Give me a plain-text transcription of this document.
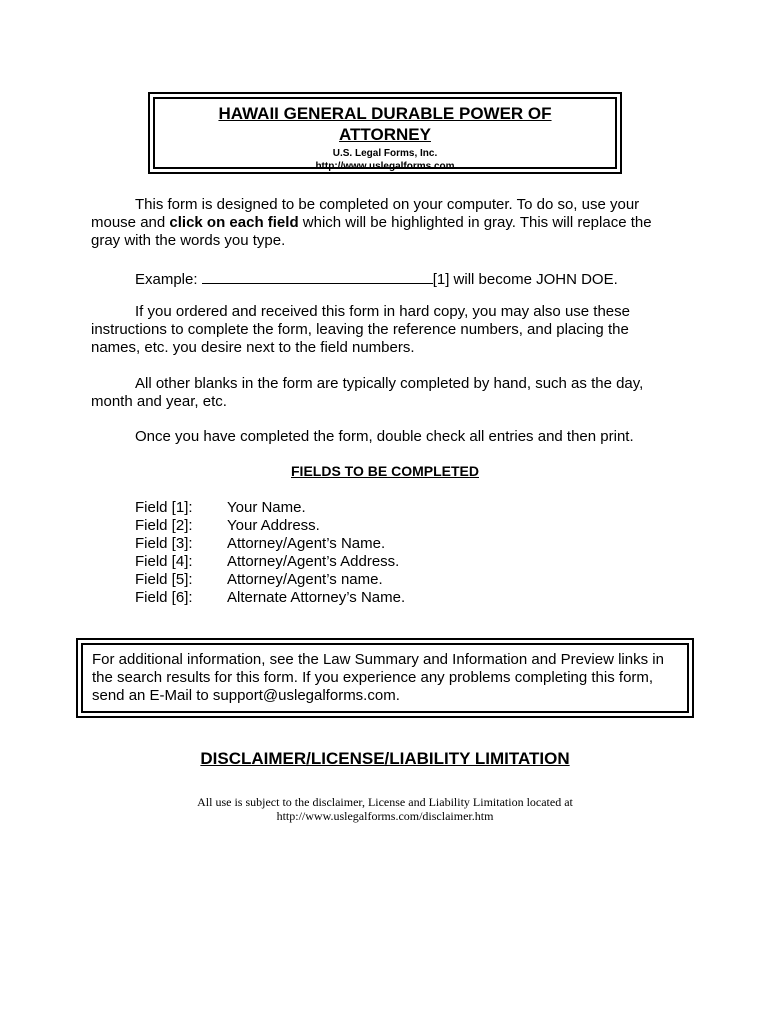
HAWAII GENERAL DURABLE POWER OF
ATTORNEY
U.S. Legal Forms, Inc.
http://www.uslegalforms.com

This form is designed to be completed on your computer. To do so, use your mouse and click on each field which will be highlighted in gray. This will replace the gray with the words you type.

Example:	[1] will become JOHN DOE.

If you ordered and received this form in hard copy, you may also use these instructions to complete the form, leaving the reference numbers, and placing the names, etc. you desire next to the field numbers.

All other blanks in the form are typically completed by hand, such as the day, month and year, etc.

Once you have completed the form, double check all entries and then print.

FIELDS TO BE COMPLETED
Field [1]: Your Name.
Field [2]: Your Address.
Field [3]: Attorney/Agent’s Name.
Field [4]: Attorney/Agent’s Address.
Field [5]: Attorney/Agent’s name.
Field [6]: Alternate Attorney’s Name.
For additional information, see the Law Summary and Information and Preview links in
the search results for this form. If you experience any problems completing this form,
send an E-Mail to support@uslegalforms.com.
DISCLAIMER/LICENSE/LIABILITY LIMITATION
All use is subject to the disclaimer, License and Liability Limitation located at
http://www.uslegalforms.com/disclaimer.htm
